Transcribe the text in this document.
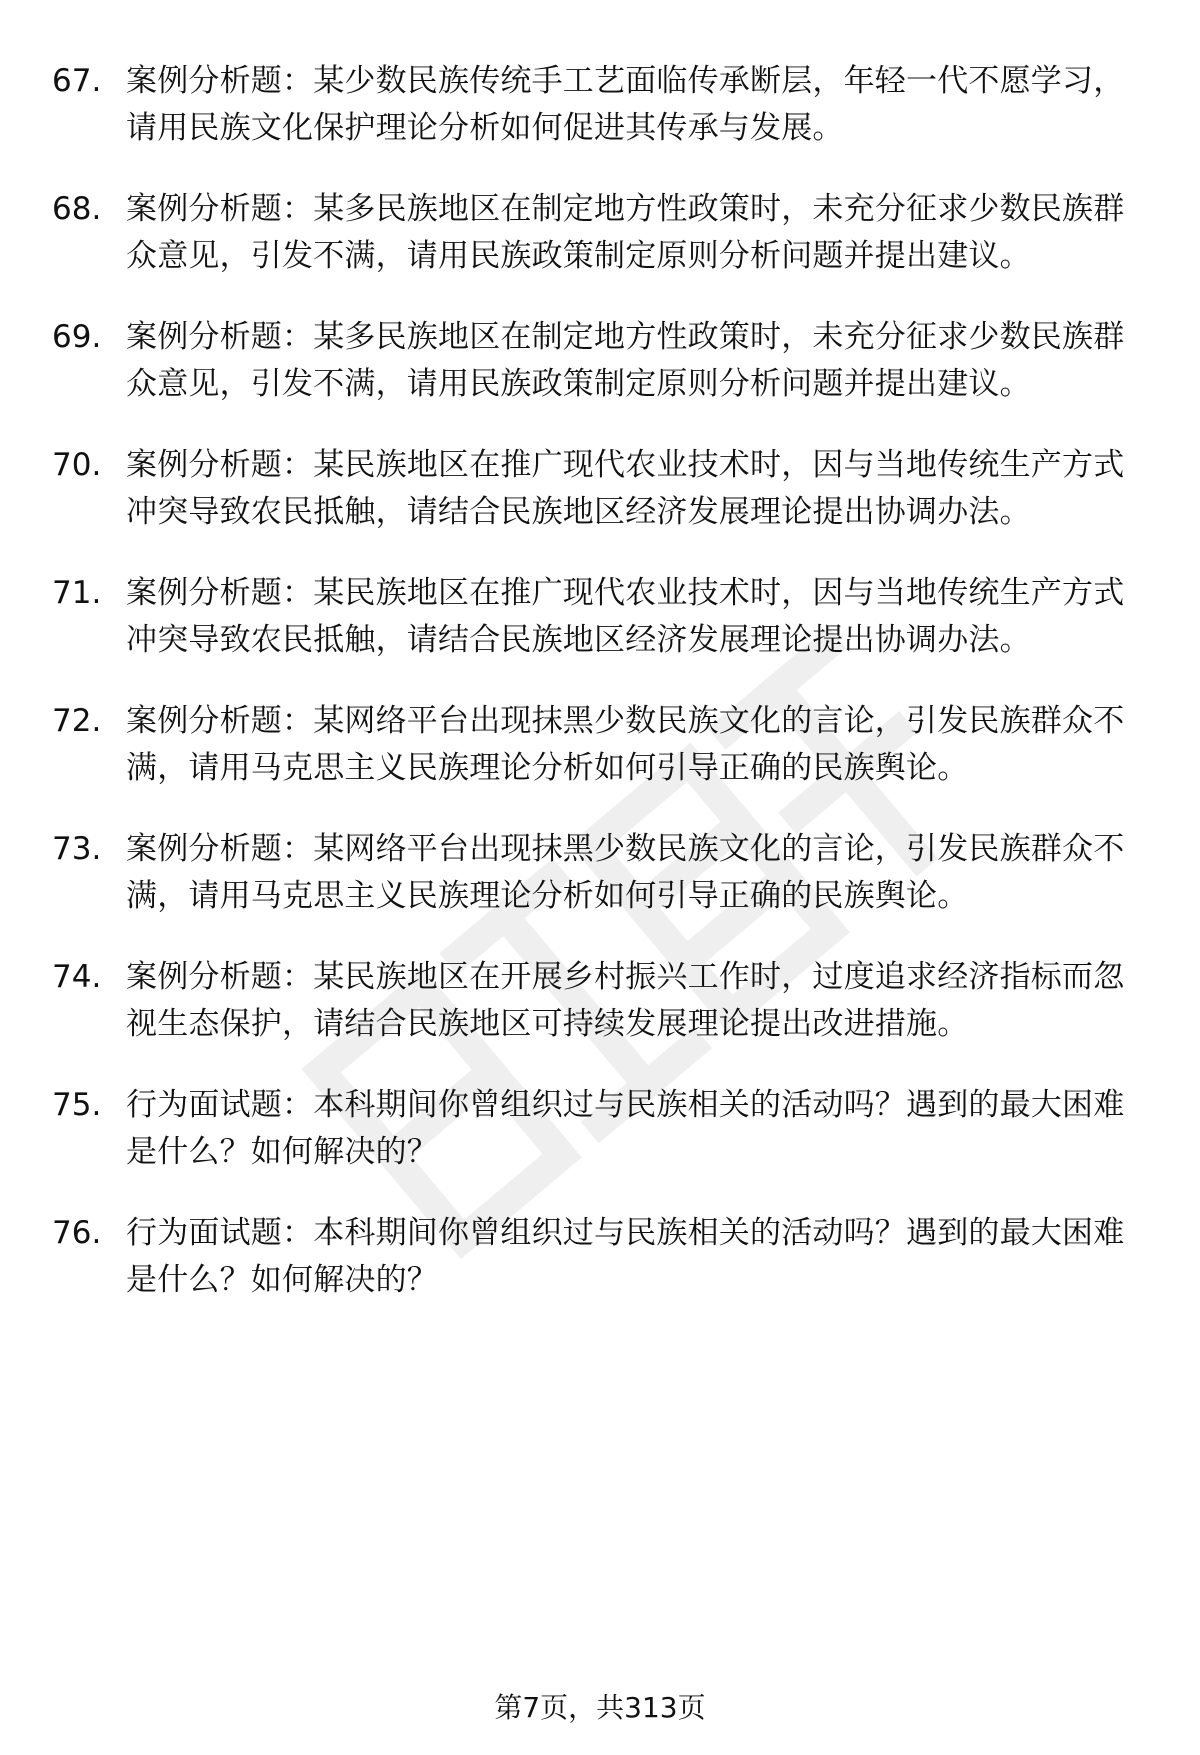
67. 案例分析题：某少数民族传统手工艺面临传承断层，年轻一代不愿学习，请用民族文化保护理论分析如何促进其传承与发展。
68. 案例分析题：某多民族地区在制定地方性政策时，未充分征求少数民族群众意见，引发不满，请用民族政策制定原则分析问题并提出建议。
69. 案例分析题：某多民族地区在制定地方性政策时，未充分征求少数民族群众意见，引发不满，请用民族政策制定原则分析问题并提出建议。
70. 案例分析题：某民族地区在推广现代农业技术时，因与当地传统生产方式冲突导致农民抵触，请结合民族地区经济发展理论提出协调办法。
71. 案例分析题：某民族地区在推广现代农业技术时，因与当地传统生产方式冲突导致农民抵触，请结合民族地区经济发展理论提出协调办法。
72. 案例分析题：某网络平台出现抹黑少数民族文化的言论，引发民族群众不满，请用马克思主义民族理论分析如何引导正确的民族舆论。
73. 案例分析题：某网络平台出现抹黑少数民族文化的言论，引发民族群众不满，请用马克思主义民族理论分析如何引导正确的民族舆论。
74. 案例分析题：某民族地区在开展乡村振兴工作时，过度追求经济指标而忽视生态保护，请结合民族地区可持续发展理论提出改进措施。
75. 行为面试题：本科期间你曾组织过与民族相关的活动吗？遇到的最大困难是什么？如何解决的？
76. 行为面试题：本科期间你曾组织过与民族相关的活动吗？遇到的最大困难是什么？如何解决的？
第7页，共313页
